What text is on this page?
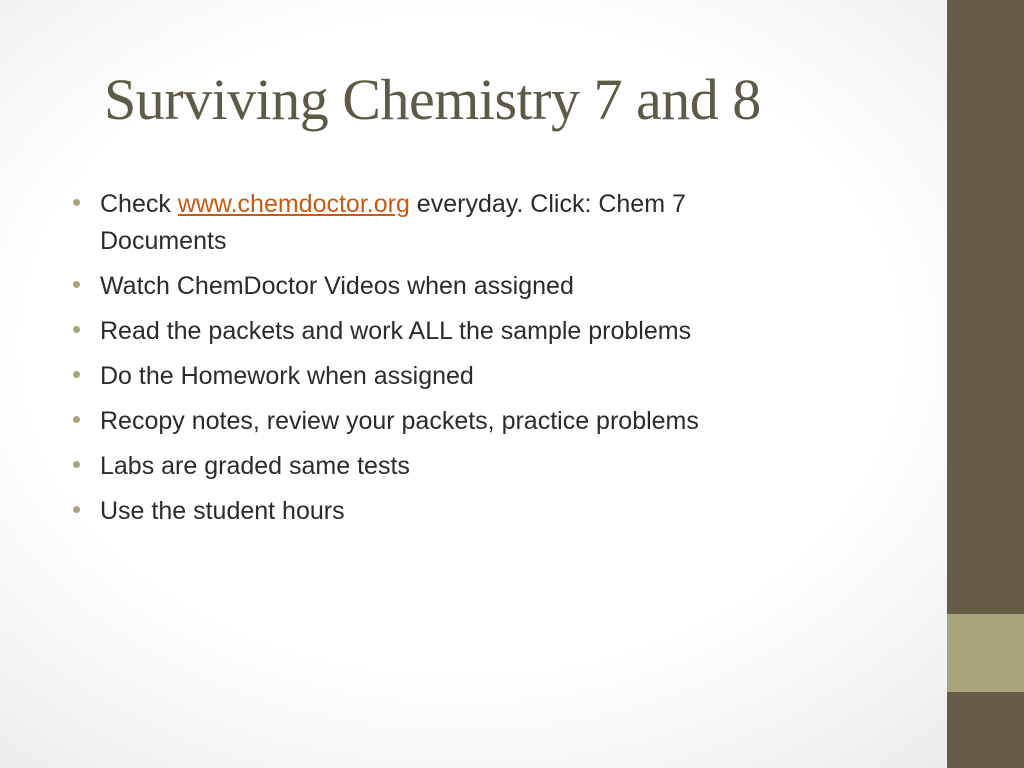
Surviving Chemistry 7 and 8
Check www.chemdoctor.org everyday. Click: Chem 7 Documents
Watch ChemDoctor Videos when assigned
Read the packets and work ALL the sample problems
Do the Homework when assigned
Recopy notes, review your packets, practice problems
Labs are graded same tests
Use the student hours
